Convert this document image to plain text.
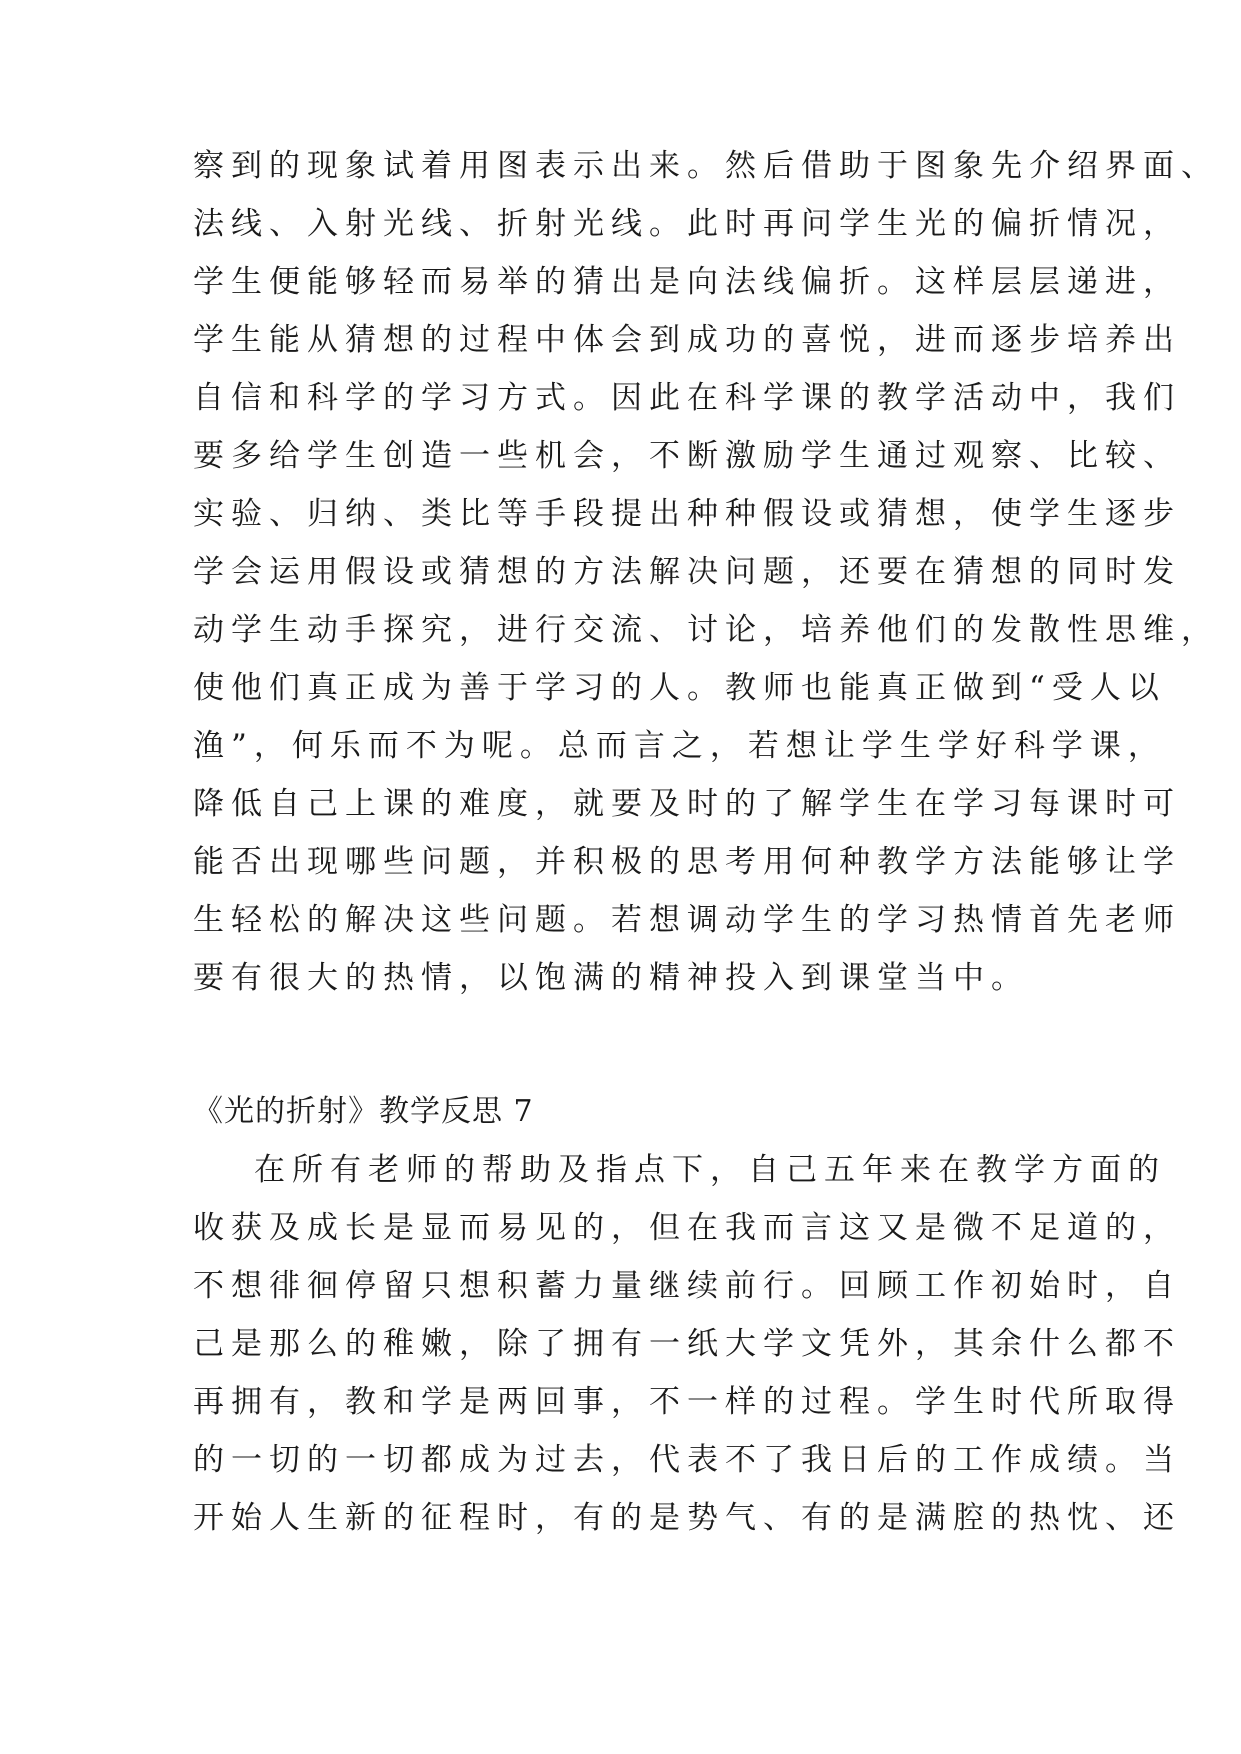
察到的现象试着用图表示出来。然后借助于图象先介绍界面、

法线、入射光线、折射光线。此时再问学生光的偏折情况，

学生便能够轻而易举的猜出是向法线偏折。这样层层递进，

学生能从猜想的过程中体会到成功的喜悦，进而逐步培养出

自信和科学的学习方式。因此在科学课的教学活动中，我们

要多给学生创造一些机会，不断激励学生通过观察、比较、

实验、归纳、类比等手段提出种种假设或猜想，使学生逐步

学会运用假设或猜想的方法解决问题，还要在猜想的同时发

动学生动手探究，进行交流、讨论，培养他们的发散性思维，

使他们真正成为善于学习的人。教师也能真正做到“受人以

渔”，何乐而不为呢。总而言之，若想让学生学好科学课，

降低自己上课的难度，就要及时的了解学生在学习每课时可

能否出现哪些问题，并积极的思考用何种教学方法能够让学

生轻松的解决这些问题。若想调动学生的学习热情首先老师

要有很大的热情，以饱满的精神投入到课堂当中。

《光的折射》教学反思 7

在所有老师的帮助及指点下，自己五年来在教学方面的

收获及成长是显而易见的，但在我而言这又是微不足道的，

不想徘徊停留只想积蓄力量继续前行。回顾工作初始时，自

己是那么的稚嫩，除了拥有一纸大学文凭外，其余什么都不

再拥有，教和学是两回事，不一样的过程。学生时代所取得

的一切的一切都成为过去，代表不了我日后的工作成绩。当

开始人生新的征程时，有的是势气、有的是满腔的热忱、还
